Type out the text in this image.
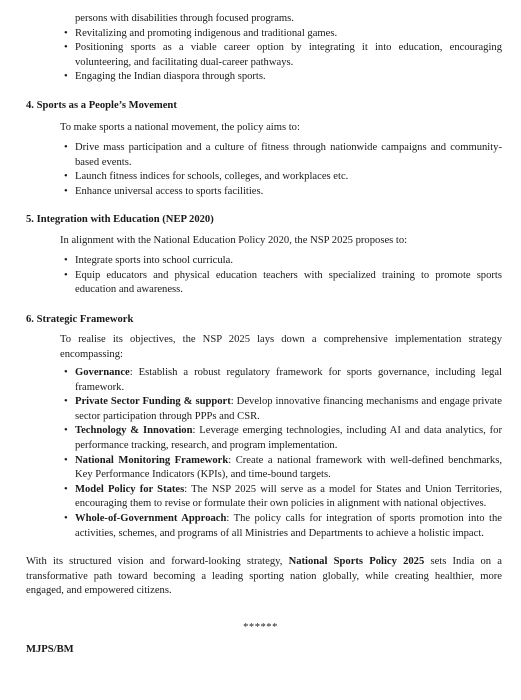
persons with disabilities through focused programs.
• Revitalizing and promoting indigenous and traditional games.
• Positioning sports as a viable career option by integrating it into education, encouraging volunteering, and facilitating dual-career pathways.
• Engaging the Indian diaspora through sports.
4. Sports as a People’s Movement
To make sports a national movement, the policy aims to:
• Drive mass participation and a culture of fitness through nationwide campaigns and community-based events.
• Launch fitness indices for schools, colleges, and workplaces etc.
• Enhance universal access to sports facilities.
5. Integration with Education (NEP 2020)
In alignment with the National Education Policy 2020, the NSP 2025 proposes to:
• Integrate sports into school curricula.
• Equip educators and physical education teachers with specialized training to promote sports education and awareness.
6. Strategic Framework
To realise its objectives, the NSP 2025 lays down a comprehensive implementation strategy encompassing:
• Governance: Establish a robust regulatory framework for sports governance, including legal framework.
• Private Sector Funding & support: Develop innovative financing mechanisms and engage private sector participation through PPPs and CSR.
• Technology & Innovation: Leverage emerging technologies, including AI and data analytics, for performance tracking, research, and program implementation.
• National Monitoring Framework: Create a national framework with well-defined benchmarks, Key Performance Indicators (KPIs), and time-bound targets.
• Model Policy for States: The NSP 2025 will serve as a model for States and Union Territories, encouraging them to revise or formulate their own policies in alignment with national objectives.
• Whole-of-Government Approach: The policy calls for integration of sports promotion into the activities, schemes, and programs of all Ministries and Departments to achieve a holistic impact.
With its structured vision and forward-looking strategy, National Sports Policy 2025 sets India on a transformative path toward becoming a leading sporting nation globally, while creating healthier, more engaged, and empowered citizens.
******
MJPS/BM
